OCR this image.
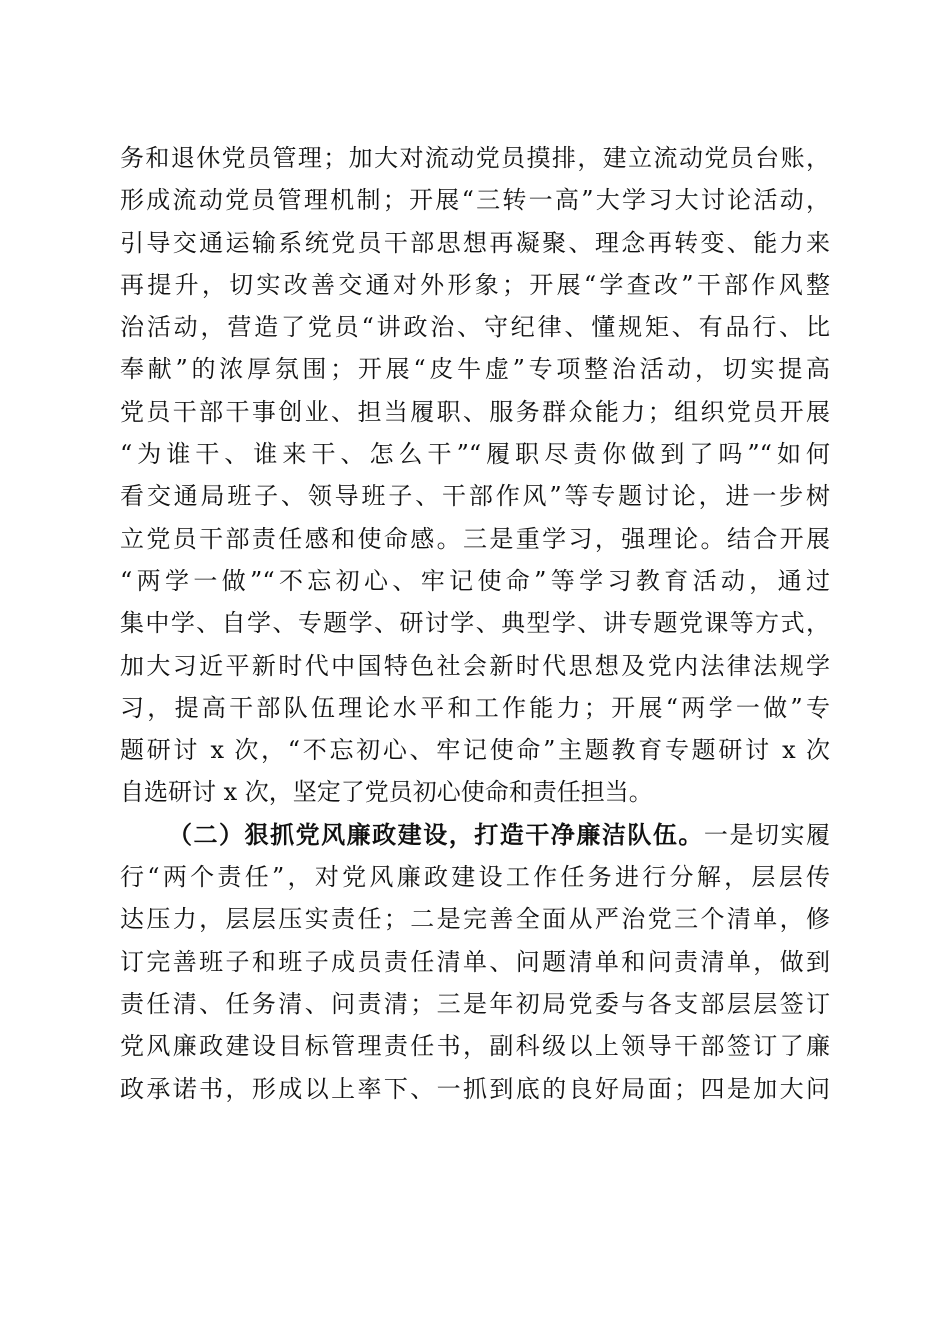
务和退休党员管理；加大对流动党员摸排，建立流动党员台账，
形成流动党员管理机制；开展“三转一高”大学习大讨论活动，
引导交通运输系统党员干部思想再凝聚、理念再转变、能力来
再提升，切实改善交通对外形象；开展“学查改”干部作风整
治活动，营造了党员“讲政治、守纪律、懂规矩、有品行、比
奉献”的浓厚氛围；开展“皮牛虚”专项整治活动，切实提高
党员干部干事创业、担当履职、服务群众能力；组织党员开展
“为谁干、谁来干、怎么干”“履职尽责你做到了吗”“如何
看交通局班子、领导班子、干部作风”等专题讨论，进一步树
立党员干部责任感和使命感。三是重学习，强理论。结合开展
“两学一做”“不忘初心、牢记使命”等学习教育活动，通过
集中学、自学、专题学、研讨学、典型学、讲专题党课等方式，
加大习近平新时代中国特色社会新时代思想及党内法律法规学
习，提高干部队伍理论水平和工作能力；开展“两学一做”专
题研讨 x 次，“不忘初心、牢记使命”主题教育专题研讨 x 次
自选研讨 x 次，坚定了党员初心使命和责任担当。
（二）狠抓党风廉政建设，打造干净廉洁队伍。一是切实履
行“两个责任”，对党风廉政建设工作任务进行分解，层层传
达压力，层层压实责任；二是完善全面从严治党三个清单，修
订完善班子和班子成员责任清单、问题清单和问责清单，做到
责任清、任务清、问责清；三是年初局党委与各支部层层签订
党风廉政建设目标管理责任书，副科级以上领导干部签订了廉
政承诺书，形成以上率下、一抓到底的良好局面；四是加大问
